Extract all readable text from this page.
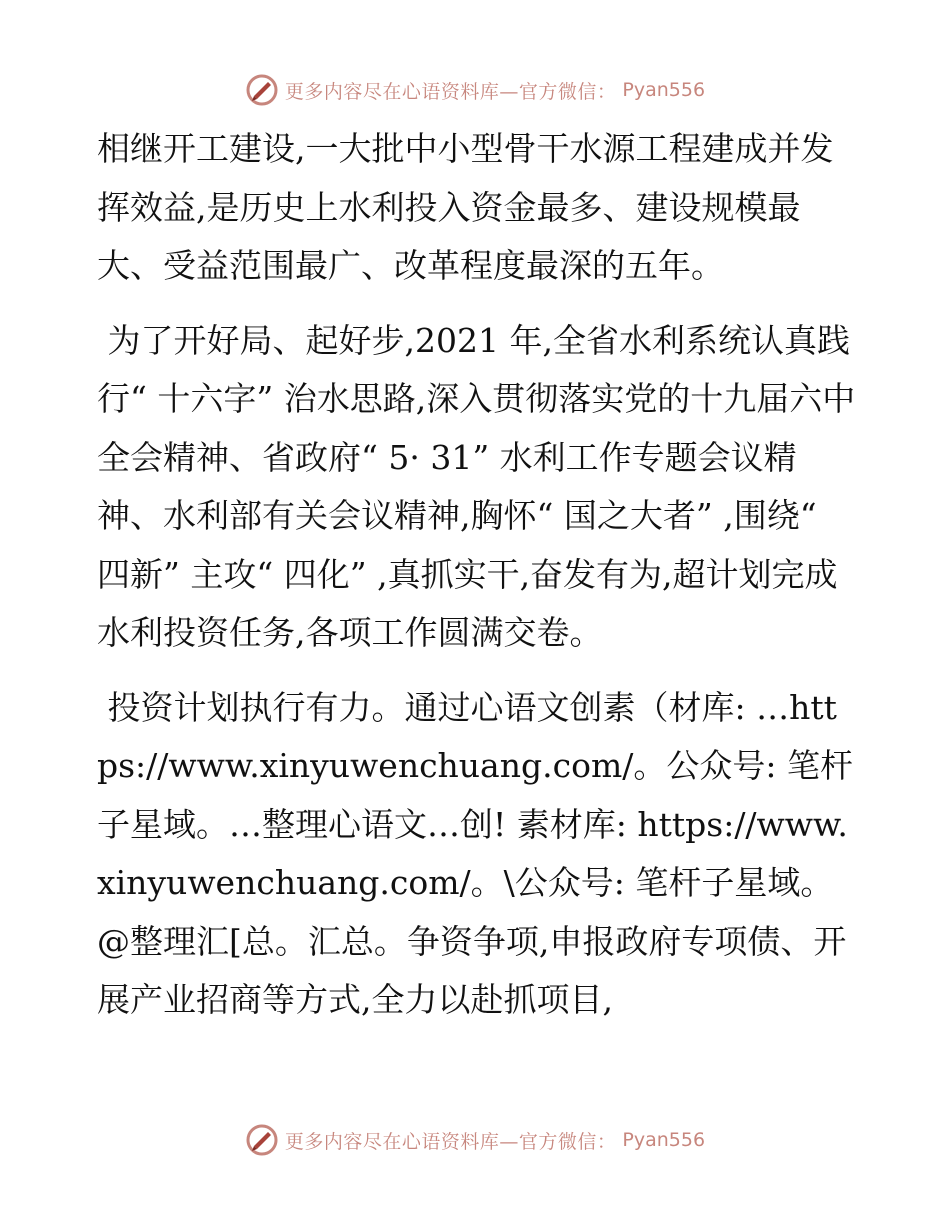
更多内容尽在心语资料库—官方微信： Pyan556

相继开工建设,一大批中小型骨干水源工程建成并发挥效益,是历史上水利投入资金最多、建设规模最大、受益范围最广、改革程度最深的五年。

为了开好局、起好步,2021 年,全省水利系统认真践行“ 十六字” 治水思路,深入贯彻落实党的十九届六中全会精神、省政府“ 5· 31” 水利工作专题会议精神、水利部有关会议精神,胸怀“ 国之大者” ,围绕“ 四新” 主攻“ 四化” ,真抓实干,奋发有为,超计划完成水利投资任务,各项工作圆满交卷。

投资计划执行有力。通过心语文创素（材库: …https://www.xinyuwenchuang.com/。公众号: 笔杆子星域。…整理心语文…创! 素材库: https://www.xinyuwenchuang.com/。\公众号: 笔杆子星域。@整理汇[总。汇总。争资争项,申报政府专项债、开展产业招商等方式,全力以赴抓项目,

更多内容尽在心语资料库—官方微信： Pyan556
